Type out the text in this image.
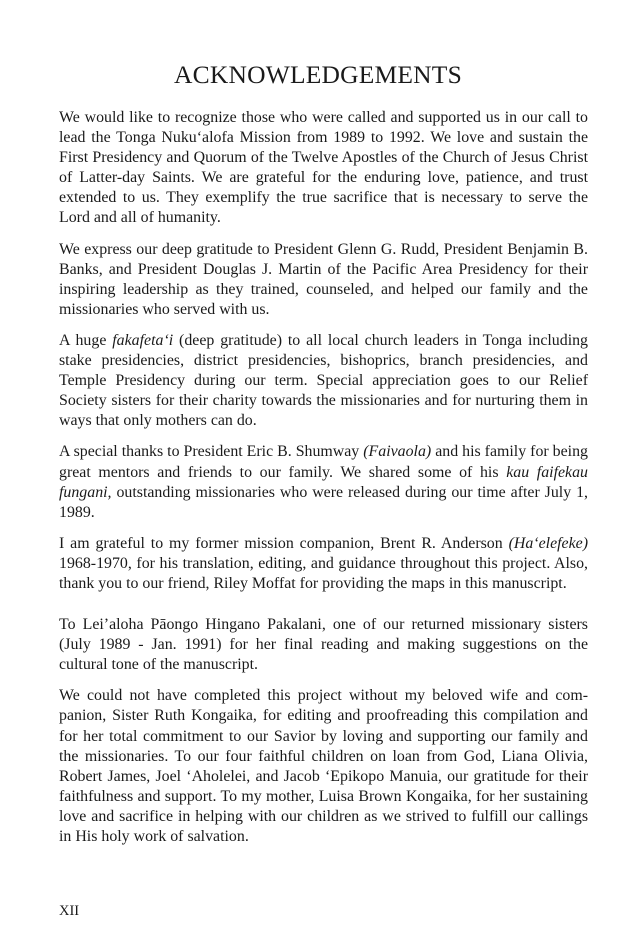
ACKNOWLEDGEMENTS

We would like to recognize those who were called and supported us in our call to lead the Tonga Nuku‘alofa Mission from 1989 to 1992. We love and sustain the First Presidency and Quorum of the Twelve Apostles of the Church of Jesus Christ of Latter-day Saints. We are grateful for the enduring love, patience, and trust extended to us. They exemplify the true sacrifice that is necessary to serve the Lord and all of humanity.

We express our deep gratitude to President Glenn G. Rudd, President Benjamin B. Banks, and President Douglas J. Martin of the Pacific Area Presidency for their inspiring leadership as they trained, counseled, and helped our family and the missionaries who served with us.

A huge fakafeta‘i (deep gratitude) to all local church leaders in Tonga including stake presidencies, district presidencies, bishoprics, branch presidencies, and Temple Presidency during our term. Special appreciation goes to our Relief Society sisters for their charity towards the missionaries and for nurturing them in ways that only mothers can do.

A special thanks to President Eric B. Shumway (Faivaola) and his family for being great mentors and friends to our family. We shared some of his kau faifekau fungani, outstanding missionaries who were released during our time after July 1, 1989.

I am grateful to my former mission companion, Brent R. Anderson (Ha‘elefeke) 1968-1970, for his translation, editing, and guidance throughout this project. Also, thank you to our friend, Riley Moffat for providing the maps in this manuscript.

To Lei’aloha Pāongo Hingano Pakalani, one of our returned missionary sisters (July 1989 - Jan. 1991) for her final reading and making suggestions on the cultural tone of the manuscript.

We could not have completed this project without my beloved wife and companion, Sister Ruth Kongaika, for editing and proofreading this compilation and for her total commitment to our Savior by loving and supporting our family and the missionaries. To our four faithful children on loan from God, Liana Olivia, Robert James, Joel ‘Aholelei, and Jacob ‘Epikopo Manuia, our gratitude for their faithfulness and support. To my mother, Luisa Brown Kongaika, for her sustaining love and sacrifice in helping with our children as we strived to fulfill our callings in His holy work of salvation.

XII
